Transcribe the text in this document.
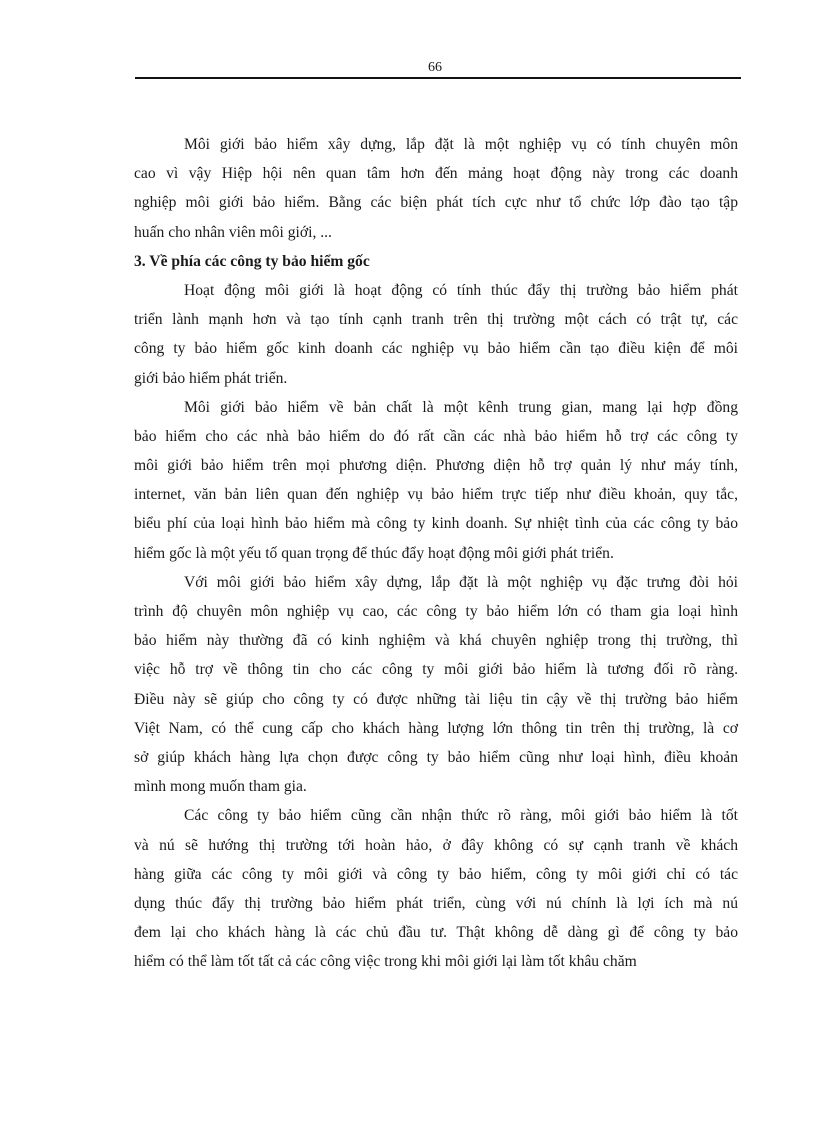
66
Môi giới bảo hiểm xây dựng, lắp đặt là một nghiệp vụ có tính chuyên môn
cao vì vậy Hiệp hội nên quan tâm hơn đến mảng hoạt động này trong các doanh
nghiệp môi giới bảo hiểm. Bằng các biện phát tích cực như tổ chức lớp đào tạo tập
huấn cho nhân viên môi giới, ...
3. Về phía các công ty bảo hiểm gốc
Hoạt động môi giới là hoạt động có tính thúc đẩy thị trường bảo hiểm phát
triển lành mạnh hơn và tạo tính cạnh tranh trên thị trường một cách có trật tự, các
công ty bảo hiểm gốc kinh doanh các nghiệp vụ bảo hiểm cần tạo điều kiện để môi
giới bảo hiểm phát triển.
Môi giới bảo hiểm về bản chất là một kênh trung gian, mang lại hợp đồng
bảo hiểm cho các nhà bảo hiểm do đó rất cần các nhà bảo hiểm hỗ trợ các công ty
môi giới bảo hiểm trên mọi phương diện. Phương diện hỗ trợ quản lý như máy tính,
internet, văn bản liên quan đến nghiệp vụ bảo hiểm trực tiếp như điều khoản, quy tắc,
biểu phí của loại hình bảo hiểm mà công ty kinh doanh. Sự nhiệt tình của các công ty bảo
hiểm gốc là một yếu tố quan trọng để thúc đẩy hoạt động môi giới phát triển.
Với môi giới bảo hiểm xây dựng, lắp đặt là một nghiệp vụ đặc trưng đòi hỏi
trình độ chuyên môn nghiệp vụ cao, các công ty bảo hiểm lớn có tham gia loại hình
bảo hiểm này thường đã có kinh nghiệm và khá chuyên nghiệp trong thị trường, thì
việc hỗ trợ về thông tin cho các công ty môi giới bảo hiểm là tương đối rõ ràng.
Điều này sẽ giúp cho công ty có được những tài liệu tin cậy về thị trường bảo hiểm
Việt Nam, có thể cung cấp cho khách hàng lượng lớn thông tin trên thị trường, là cơ
sở giúp khách hàng lựa chọn được công ty bảo hiểm cũng như loại hình, điều khoản
mình mong muốn tham gia.
Các công ty bảo hiểm cũng cần nhận thức rõ ràng, môi giới bảo hiểm là tốt
và nú sẽ hướng thị trường tới hoàn hảo, ở đây không có sự cạnh tranh về khách
hàng giữa các công ty môi giới và công ty bảo hiểm, công ty môi giới chỉ có tác
dụng thúc đẩy thị trường bảo hiểm phát triển, cùng với nú chính là lợi ích mà nú
đem lại cho khách hàng là các chủ đầu tư. Thật không dễ dàng gì để công ty bảo
hiểm có thể làm tốt tất cả các công việc trong khi môi giới lại làm tốt khâu chăm
